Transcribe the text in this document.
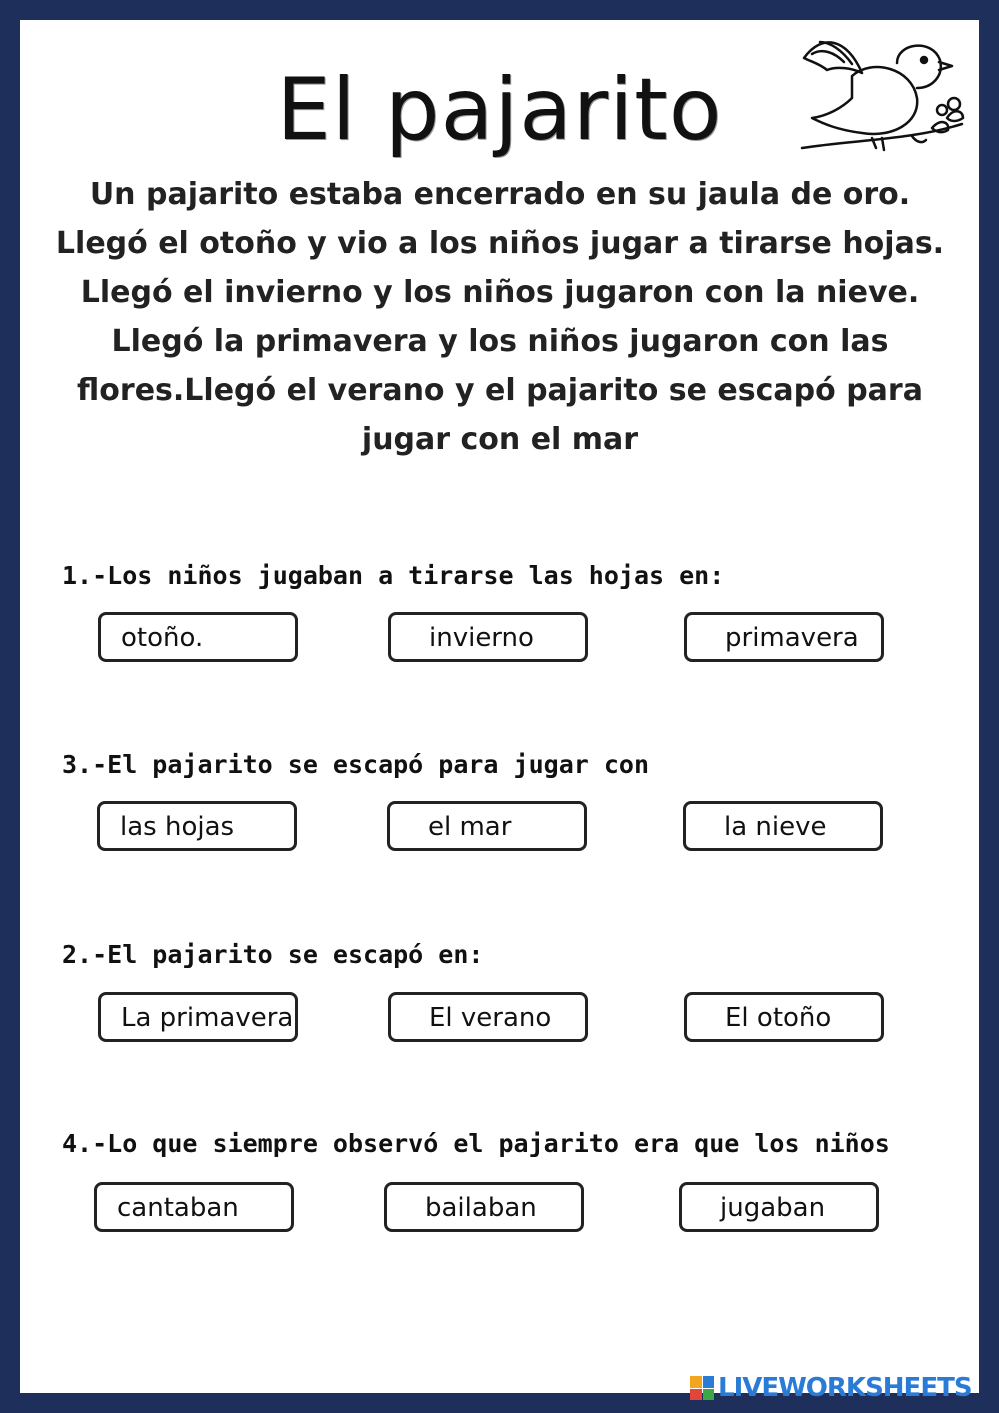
El pajarito
Un pajarito estaba encerrado en su jaula de oro. Llegó el otoño y vio a los niños jugar a tirarse hojas. Llegó el invierno y los niños jugaron con la nieve. Llegó la primavera y los niños jugaron con las flores.Llegó el verano y el pajarito se escapó para jugar con el mar
1.-Los niños jugaban a tirarse las hojas en:
otoño.	invierno	primavera
3.-El pajarito se escapó para jugar con
las hojas	el mar	la nieve
2.-El pajarito se escapó en:
La primavera	El verano	El otoño
4.-Lo que siempre observó el pajarito era que los niños
cantaban	bailaban	jugaban
LIVEWORKSHEETS
